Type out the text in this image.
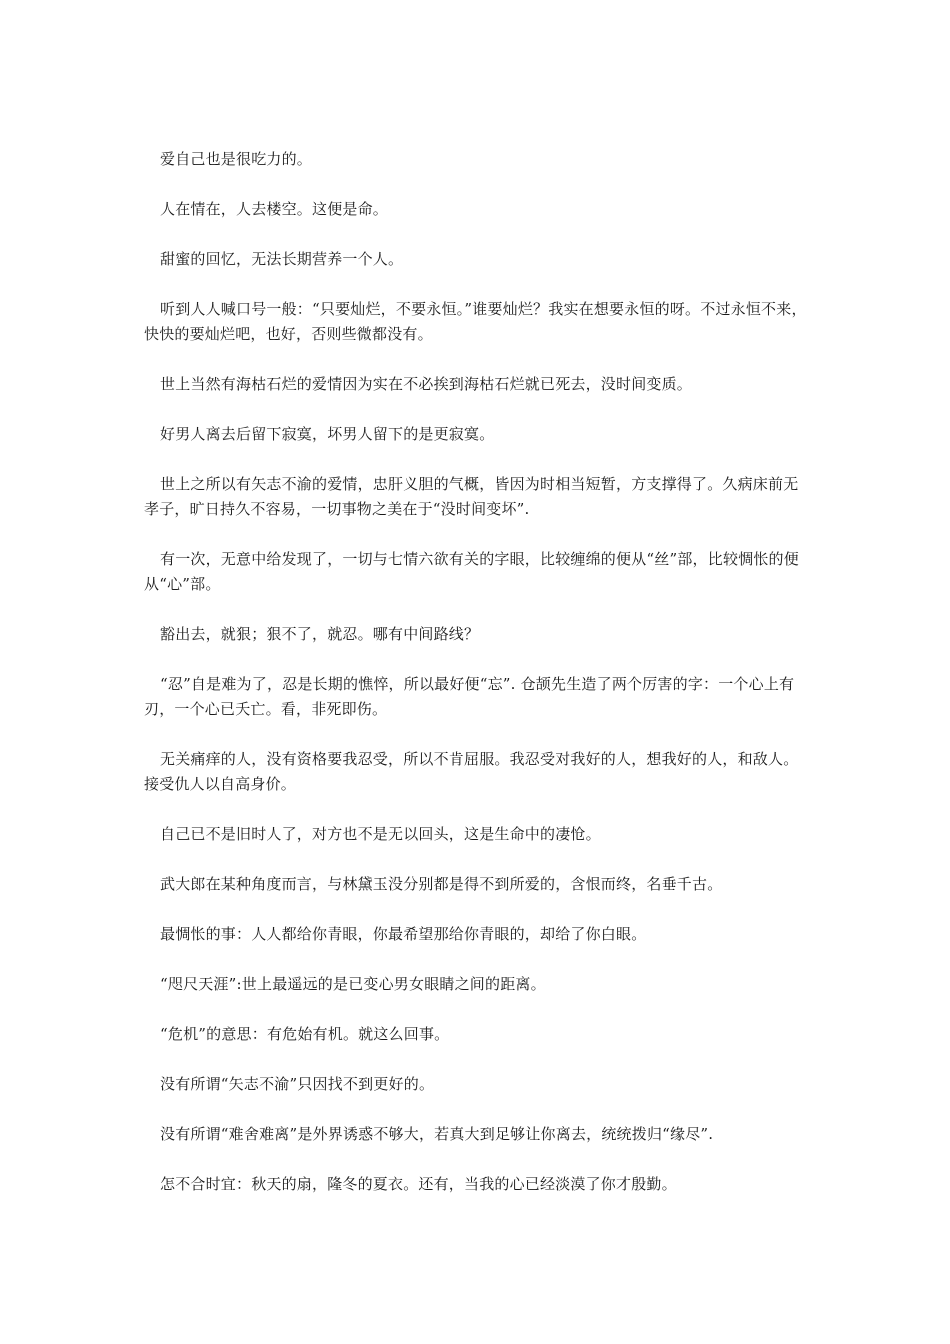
爱自己也是很吃力的。

人在情在，人去楼空。这便是命。

甜蜜的回忆，无法长期营养一个人。

听到人人喊口号一般：“只要灿烂，不要永恒。”谁要灿烂？我实在想要永恒的呀。不过永恒不来，快快的要灿烂吧，也好，否则些微都没有。

世上当然有海枯石烂的爱情因为实在不必挨到海枯石烂就已死去，没时间变质。

好男人离去后留下寂寞，坏男人留下的是更寂寞。

世上之所以有矢志不渝的爱情，忠肝义胆的气概，皆因为时相当短暂，方支撑得了。久病床前无孝子，旷日持久不容易，一切事物之美在于“没时间变坏”.

有一次，无意中给发现了，一切与七情六欲有关的字眼，比较缠绵的便从“丝”部，比较惆怅的便从“心”部。

豁出去，就狠；狠不了，就忍。哪有中间路线？

“忍”自是难为了，忍是长期的憔悴，所以最好便“忘”. 仓颉先生造了两个厉害的字：一个心上有刃，一个心已夭亡。看，非死即伤。

无关痛痒的人，没有资格要我忍受，所以不肯屈服。我忍受对我好的人，想我好的人，和敌人。接受仇人以自高身价。

自己已不是旧时人了，对方也不是无以回头，这是生命中的凄怆。

武大郎在某种角度而言，与林黛玉没分别都是得不到所爱的，含恨而终，名垂千古。

最惆怅的事：人人都给你青眼，你最希望那给你青眼的，却给了你白眼。

“咫尺天涯”:世上最遥远的是已变心男女眼睛之间的距离。

“危机”的意思：有危始有机。就这么回事。

没有所谓“矢志不渝”只因找不到更好的。

没有所谓“难舍难离”是外界诱惑不够大，若真大到足够让你离去，统统拨归“缘尽”.

怎不合时宜：秋天的扇，隆冬的夏衣。还有，当我的心已经淡漠了你才殷勤。
